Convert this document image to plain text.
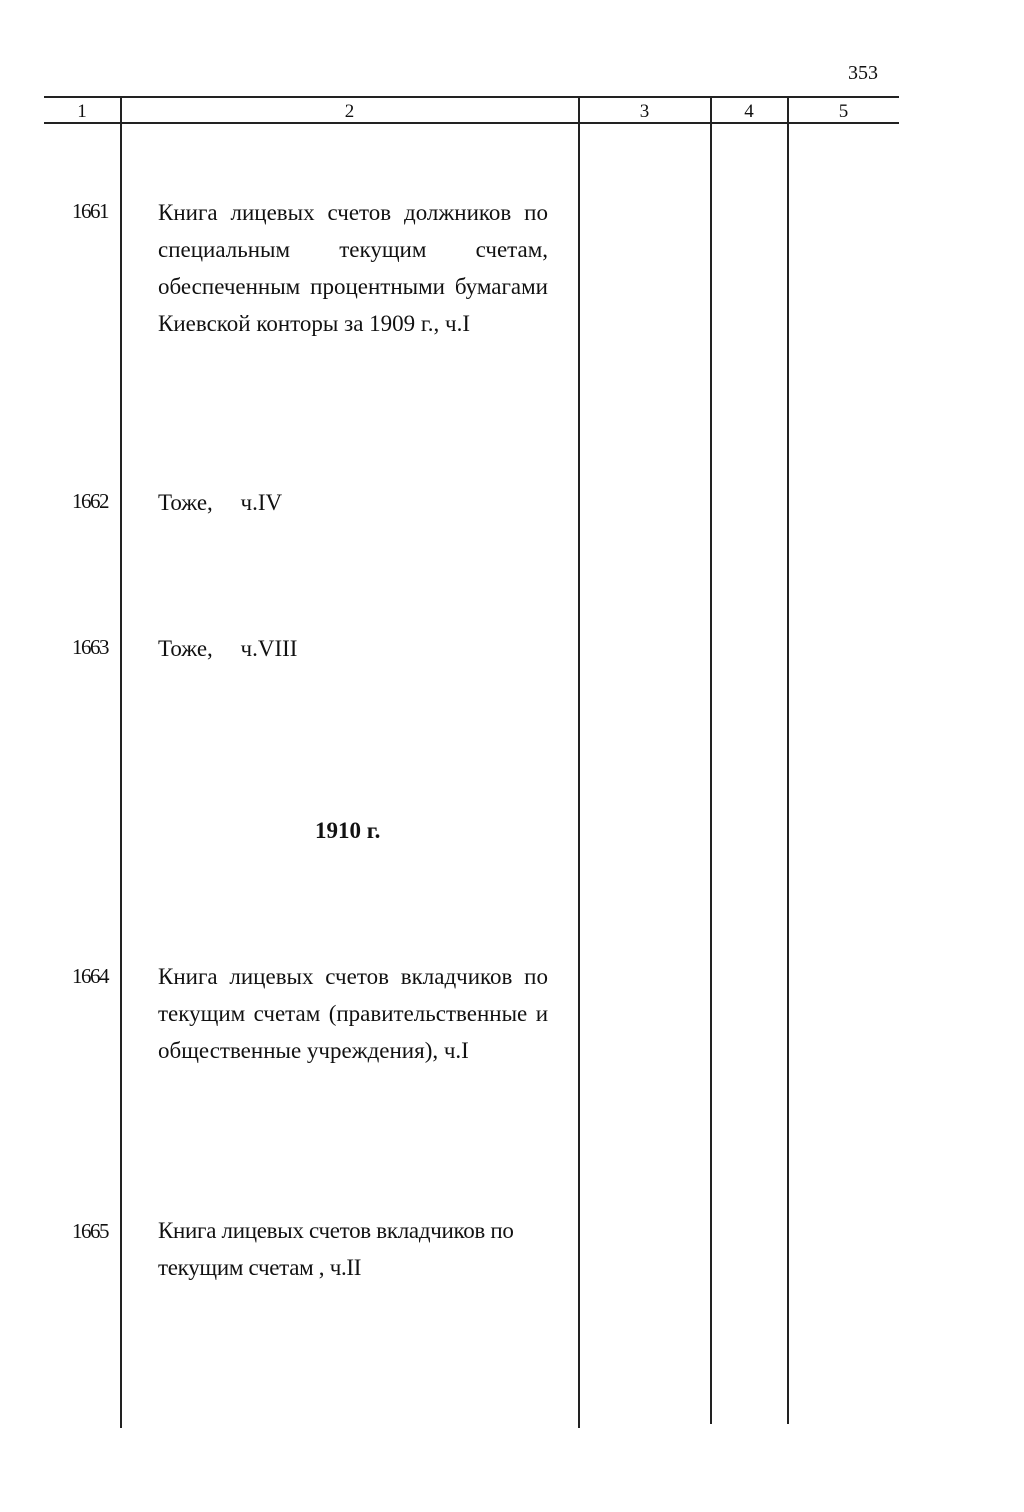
353
1	2	3	4	5
1661 Книга лицевых счетов должников по специальным текущим счетам, обеспеченным процентными бумагами Киевской конторы за 1909 г., ч.I
1662 Тоже, ч.IV
1663 Тоже, ч.VIII
1910 г.
1664 Книга лицевых счетов вкладчиков по текущим счетам (правительственные и общественные учреждения), ч.I
1665 Книга лицевых счетов вкладчиков по текущим счетам , ч.II
